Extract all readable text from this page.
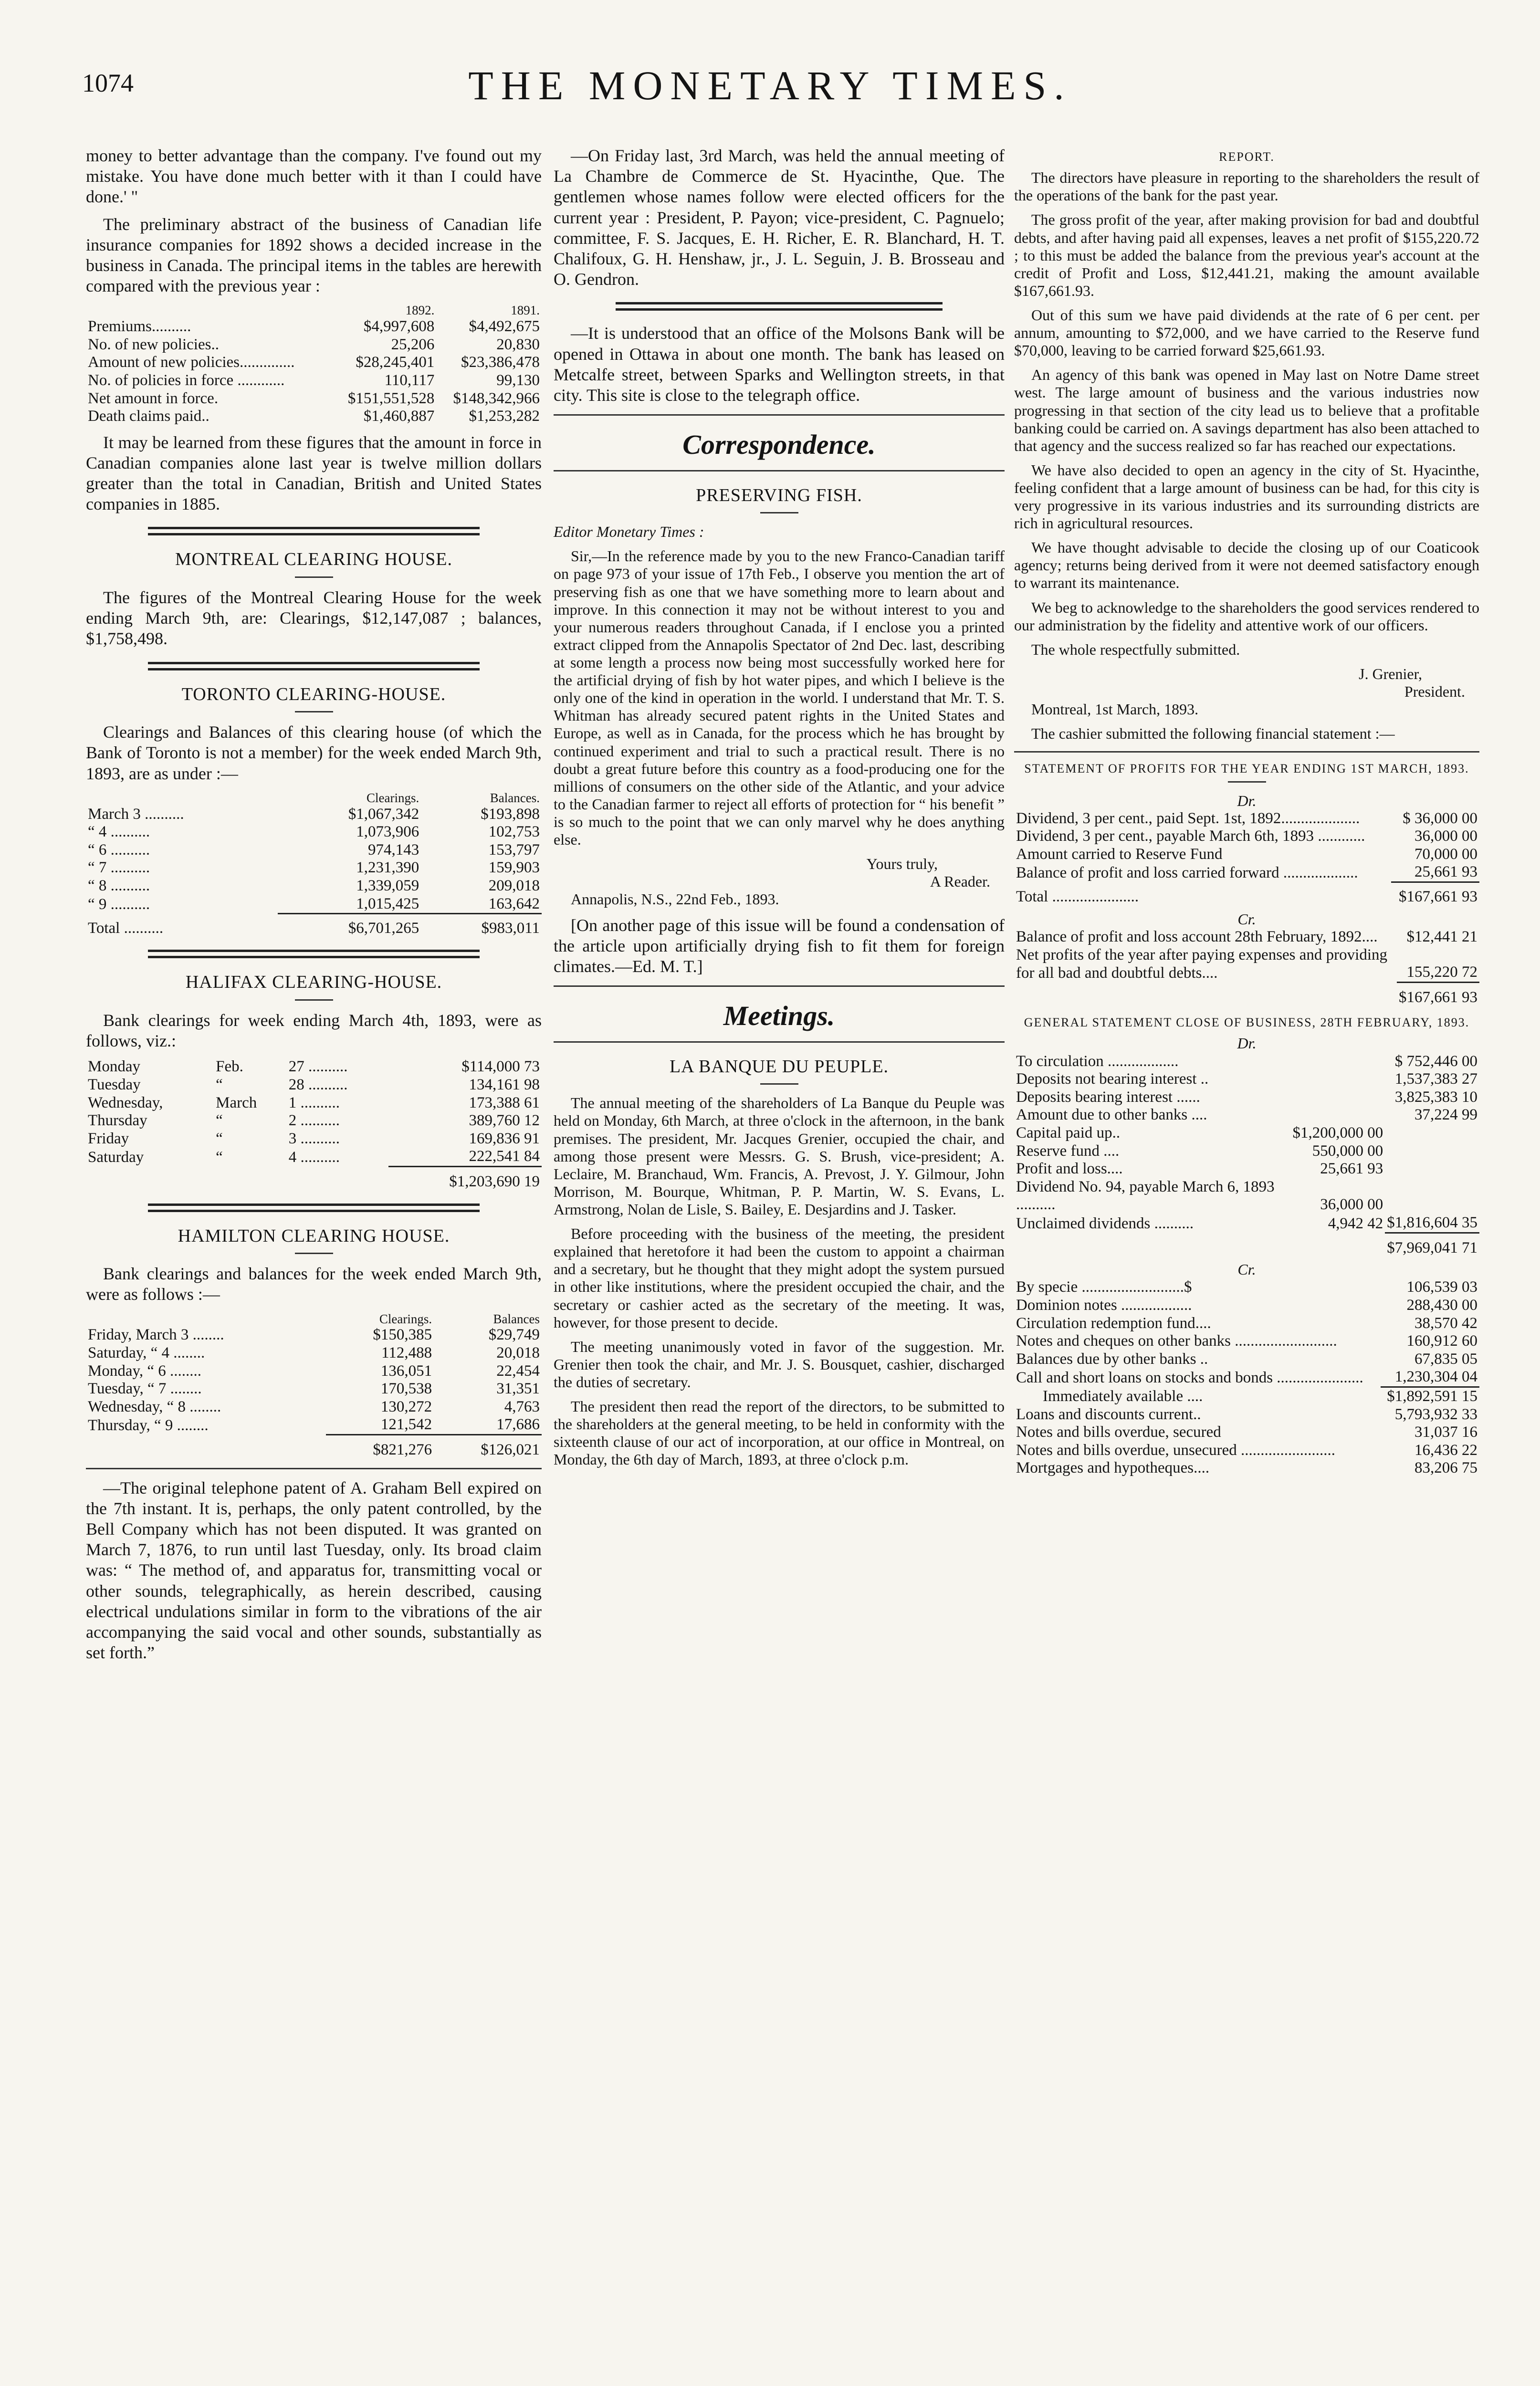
1074	THE MONETARY TIMES.

money to better advantage than the company. I've found out my mistake. You have done much better with it than I could have done.' "

The preliminary abstract of the business of Canadian life insurance companies for 1892 shows a decided increase in the business in Canada. The principal items in the tables are herewith compared with the previous year :

	1892.	1891.
Premiums..........	$4,997,608	$4,492,675
No. of new policies..	25,206	20,830
Amount of new policies..............	$28,245,401	$23,386,478
No. of policies in force ............	110,117	99,130
Net amount in force.	$151,551,528	$148,342,966
Death claims paid..	$1,460,887	$1,253,282

It may be learned from these figures that the amount in force in Canadian companies alone last year is twelve million dollars greater than the total in Canadian, British and United States companies in 1885.

MONTREAL CLEARING HOUSE.

The figures of the Montreal Clearing House for the week ending March 9th, are: Clearings, $12,147,087 ; balances, $1,758,498.

TORONTO CLEARING-HOUSE.

Clearings and Balances of this clearing house (of which the Bank of Toronto is not a member) for the week ended March 9th, 1893, are as under :—

	Clearings.	Balances.
March 3 ..........	$1,067,342	$193,898
“ 4 ..........	1,073,906	102,753
“ 6 ..........	974,143	153,797
“ 7 ..........	1,231,390	159,903
“ 8 ..........	1,339,059	209,018
“ 9 ..........	1,015,425	163,642
Total ..........	$6,701,265	$983,011
HALIFAX CLEARING-HOUSE.

Bank clearings for week ending March 4th, 1893, were as follows, viz.:

Monday	Feb.	27 ..........	$114,000 73
Tuesday	“	28 ..........	134,161 98
Wednesday,	March	1 ..........	173,388 61
Thursday	“	2 ..........	389,760 12
Friday	“	3 ..........	169,836 91
Saturday	“	4 ..........	222,541 84
			$1,203,690 19
HAMILTON CLEARING HOUSE.

Bank clearings and balances for the week ended March 9th, were as follows :—

	Clearings.	Balances
Friday, March 3 ........	$150,385	$29,749
Saturday, “ 4 ........	112,488	20,018
Monday, “ 6 ........	136,051	22,454
Tuesday, “ 7 ........	170,538	31,351
Wednesday, “ 8 ........	130,272	4,763
Thursday, “ 9 ........	121,542	17,686
	$821,276	$126,021

—The original telephone patent of A. Graham Bell expired on the 7th instant. It is, perhaps, the only patent controlled, by the Bell Company which has not been disputed. It was granted on March 7, 1876, to run until last Tuesday, only. Its broad claim was: “ The method of, and apparatus for, transmitting vocal or other sounds, telegraphically, as herein described, causing electrical undulations similar in form to the vibrations of the air accompanying the said vocal and other sounds, substantially as set forth.”

—On Friday last, 3rd March, was held the annual meeting of La Chambre de Commerce de St. Hyacinthe, Que. The gentlemen whose names follow were elected officers for the current year : President, P. Payon; vice-president, C. Pagnuelo; committee, F. S. Jacques, E. H. Richer, E. R. Blanchard, H. T. Chalifoux, G. H. Henshaw, jr., J. L. Seguin, J. B. Brosseau and O. Gendron.

—It is understood that an office of the Molsons Bank will be opened in Ottawa in about one month. The bank has leased on Metcalfe street, between Sparks and Wellington streets, in that city. This site is close to the telegraph office.

Correspondence.
PRESERVING FISH.

Editor Monetary Times :

Sir,—In the reference made by you to the new Franco-Canadian tariff on page 973 of your issue of 17th Feb., I observe you mention the art of preserving fish as one that we have something more to learn about and improve. In this connection it may not be without interest to you and your numerous readers throughout Canada, if I enclose you a printed extract clipped from the Annapolis Spectator of 2nd Dec. last, describing at some length a process now being most successfully worked here for the artificial drying of fish by hot water pipes, and which I believe is the only one of the kind in operation in the world. I understand that Mr. T. S. Whitman has already secured patent rights in the United States and Europe, as well as in Canada, for the process which he has brought by continued experiment and trial to such a practical result. There is no doubt a great future before this country as a food-producing one for the millions of consumers on the other side of the Atlantic, and your advice to the Canadian farmer to reject all efforts of protection for “ his benefit ” is so much to the point that we can only marvel why he does anything else.

Yours truly,

A Reader.

Annapolis, N.S., 22nd Feb., 1893.

[On another page of this issue will be found a condensation of the article upon artificially drying fish to fit them for foreign climates.—Ed. M. T.]

Meetings.
LA BANQUE DU PEUPLE.

The annual meeting of the shareholders of La Banque du Peuple was held on Monday, 6th March, at three o'clock in the afternoon, in the bank premises. The president, Mr. Jacques Grenier, occupied the chair, and among those present were Messrs. G. S. Brush, vice-president; A. Leclaire, M. Branchaud, Wm. Francis, A. Prevost, J. Y. Gilmour, John Morrison, M. Bourque, Whitman, P. P. Martin, W. S. Evans, L. Armstrong, Nolan de Lisle, S. Bailey, E. Desjardins and J. Tasker.

Before proceeding with the business of the meeting, the president explained that heretofore it had been the custom to appoint a chairman and a secretary, but he thought that they might adopt the system pursued in other like institutions, where the president occupied the chair, and the secretary or cashier acted as the secretary of the meeting. It was, however, for those present to decide.

The meeting unanimously voted in favor of the suggestion. Mr. Grenier then took the chair, and Mr. J. S. Bousquet, cashier, discharged the duties of secretary.

The president then read the report of the directors, to be submitted to the shareholders at the general meeting, to be held in conformity with the sixteenth clause of our act of incorporation, at our office in Montreal, on Monday, the 6th day of March, 1893, at three o'clock p.m.

REPORT.

The directors have pleasure in reporting to the shareholders the result of the operations of the bank for the past year.

The gross profit of the year, after making provision for bad and doubtful debts, and after having paid all expenses, leaves a net profit of $155,220.72 ; to this must be added the balance from the previous year's account at the credit of Profit and Loss, $12,441.21, making the amount available $167,661.93.

Out of this sum we have paid dividends at the rate of 6 per cent. per annum, amounting to $72,000, and we have carried to the Reserve fund $70,000, leaving to be carried forward $25,661.93.

An agency of this bank was opened in May last on Notre Dame street west. The large amount of business and the various industries now progressing in that section of the city lead us to believe that a profitable banking could be carried on. A savings department has also been attached to that agency and the success realized so far has reached our expectations.

We have also decided to open an agency in the city of St. Hyacinthe, feeling confident that a large amount of business can be had, for this city is very progressive in its various industries and its surrounding districts are rich in agricultural resources.

We have thought advisable to decide the closing up of our Coaticook agency; returns being derived from it were not deemed satisfactory enough to warrant its maintenance.

We beg to acknowledge to the shareholders the good services rendered to our administration by the fidelity and attentive work of our officers.

The whole respectfully submitted.

J. Grenier,

President.

Montreal, 1st March, 1893.

The cashier submitted the following financial statement :—

STATEMENT OF PROFITS FOR THE YEAR ENDING 1ST MARCH, 1893.
Dr.
Dividend, 3 per cent., paid Sept. 1st, 1892....................	$ 36,000 00
Dividend, 3 per cent., payable March 6th, 1893 ............	36,000 00
Amount carried to Reserve Fund	70,000 00
Balance of profit and loss carried forward ...................	25,661 93
Total ......................	$167,661 93
Cr.
Balance of profit and loss account 28th February, 1892....	$12,441 21
Net profits of the year after paying expenses and providing for all bad and doubtful debts....	155,220 72
	$167,661 93
GENERAL STATEMENT CLOSE OF BUSINESS, 28TH FEBRUARY, 1893.
Dr.
To circulation ..................		$ 752,446 00
Deposits not bearing interest ..		1,537,383 27
Deposits bearing interest ......		3,825,383 10
Amount due to other banks ....		37,224 99
Capital paid up..	$1,200,000 00	
Reserve fund ....	550,000 00	
Profit and loss....	25,661 93	
Dividend No. 94, payable March 6, 1893 ..........	36,000 00	
Unclaimed dividends ..........	4,942 42	$1,816,604 35
		$7,969,041 71
Cr.
By specie ..........................$	106,539 03
Dominion notes ..................	288,430 00
Circulation redemption fund....	38,570 42
Notes and cheques on other banks ..........................	160,912 60
Balances due by other banks ..	67,835 05
Call and short loans on stocks and bonds ......................	1,230,304 04
Immediately available ....	$1,892,591 15
Loans and discounts current..	5,793,932 33
Notes and bills overdue, secured	31,037 16
Notes and bills overdue, unsecured ........................	16,436 22
Mortgages and hypotheques....	83,206 75
